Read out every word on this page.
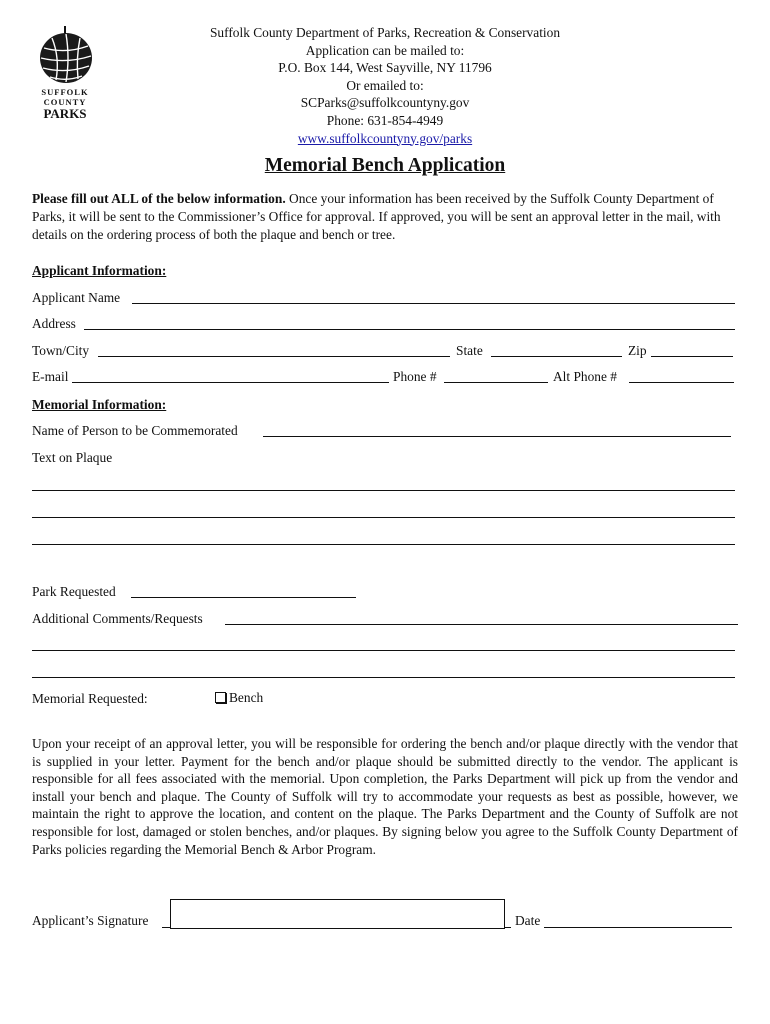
SUFFOLK
COUNTY
PARKS
Suffolk County Department of Parks, Recreation & Conservation
Application can be mailed to:
P.O. Box 144, West Sayville, NY 11796
Or emailed to:
SCParks@suffolkcountyny.gov
Phone: 631-854-4949
www.suffolkcountyny.gov/parks
Memorial Bench Application
Please fill out ALL of the below information. Once your information has been received by the Suffolk County Department of Parks, it will be sent to the Commissioner’s Office for approval. If approved, you will be sent an approval letter in the mail, with details on the ordering process of both the plaque and bench or tree.
Applicant Information:
Applicant Name
Address
Town/City	State	Zip
E-mail	Phone #	Alt Phone #
Memorial Information:
Name of Person to be Commemorated
Text on Plaque
Park Requested
Additional Comments/Requests
Memorial Requested:	Bench
Upon your receipt of an approval letter, you will be responsible for ordering the bench and/or plaque directly with the vendor that is supplied in your letter. Payment for the bench and/or plaque should be submitted directly to the vendor. The applicant is responsible for all fees associated with the memorial. Upon completion, the Parks Department will pick up from the vendor and install your bench and plaque. The County of Suffolk will try to accommodate your requests as best as possible, however, we maintain the right to approve the location, and content on the plaque. The Parks Department and the County of Suffolk are not responsible for lost, damaged or stolen benches, and/or plaques. By signing below you agree to the Suffolk County Department of Parks policies regarding the Memorial Bench & Arbor Program.
Applicant’s Signature	Date
